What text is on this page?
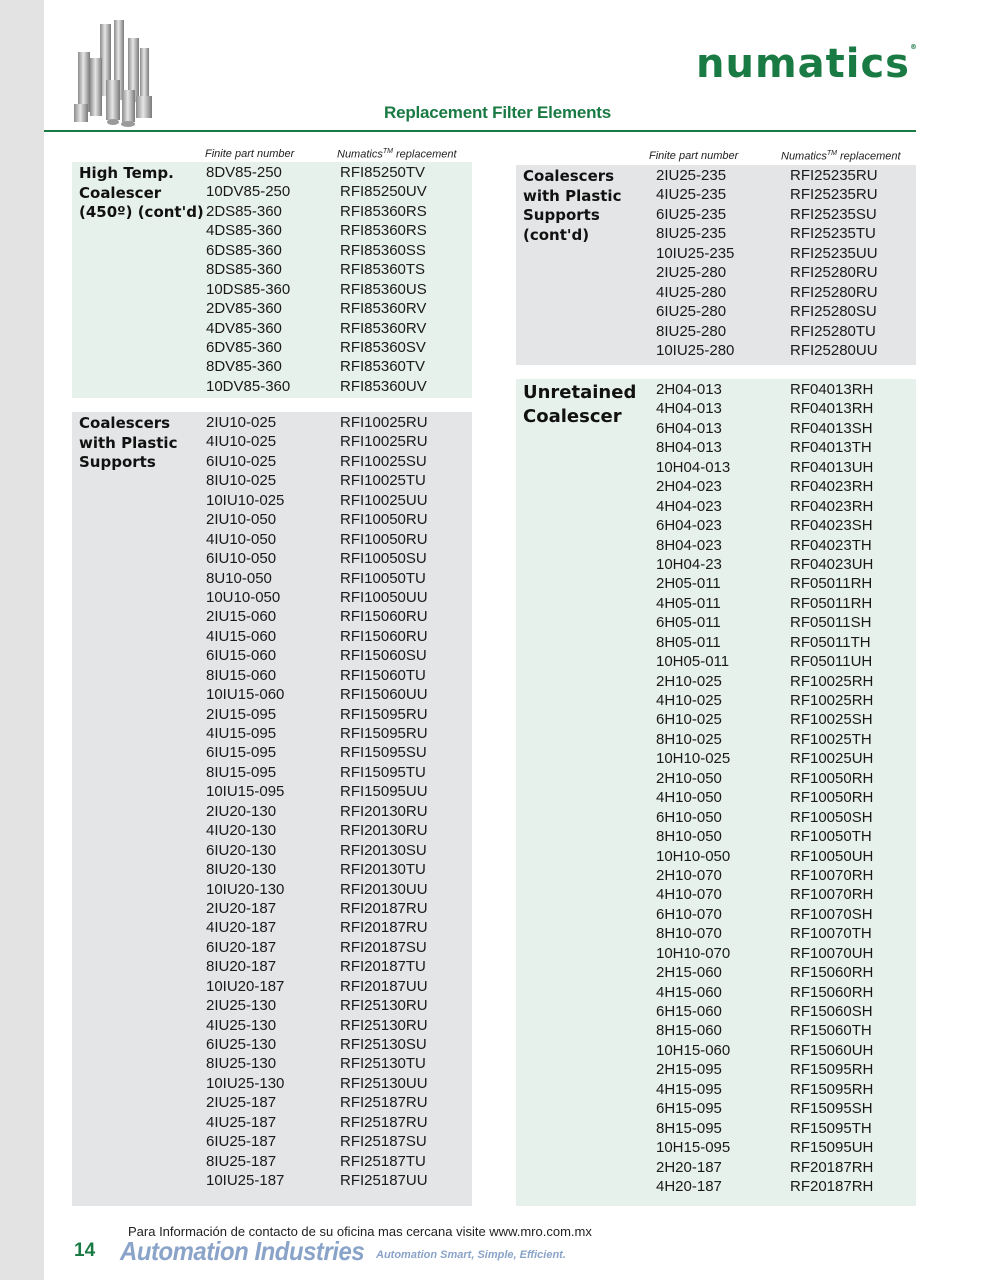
numatics®
Replacement Filter Elements
Finite part number	Numatics™ replacement	Finite part number	Numatics™ replacement
High Temp. Coalescer (450º) (cont'd)
8DV85-250	RFI85250TV
10DV85-250	RFI85250UV
2DS85-360	RFI85360RS
4DS85-360	RFI85360RS
6DS85-360	RFI85360SS
8DS85-360	RFI85360TS
10DS85-360	RFI85360US
2DV85-360	RFI85360RV
4DV85-360	RFI85360RV
6DV85-360	RFI85360SV
8DV85-360	RFI85360TV
10DV85-360	RFI85360UV
Coalescers with Plastic Supports
2IU10-025	RFI10025RU
4IU10-025	RFI10025RU
6IU10-025	RFI10025SU
8IU10-025	RFI10025TU
10IU10-025	RFI10025UU
2IU10-050	RFI10050RU
4IU10-050	RFI10050RU
6IU10-050	RFI10050SU
8U10-050	RFI10050TU
10U10-050	RFI10050UU
2IU15-060	RFI15060RU
4IU15-060	RFI15060RU
6IU15-060	RFI15060SU
8IU15-060	RFI15060TU
10IU15-060	RFI15060UU
2IU15-095	RFI15095RU
4IU15-095	RFI15095RU
6IU15-095	RFI15095SU
8IU15-095	RFI15095TU
10IU15-095	RFI15095UU
2IU20-130	RFI20130RU
4IU20-130	RFI20130RU
6IU20-130	RFI20130SU
8IU20-130	RFI20130TU
10IU20-130	RFI20130UU
2IU20-187	RFI20187RU
4IU20-187	RFI20187RU
6IU20-187	RFI20187SU
8IU20-187	RFI20187TU
10IU20-187	RFI20187UU
2IU25-130	RFI25130RU
4IU25-130	RFI25130RU
6IU25-130	RFI25130SU
8IU25-130	RFI25130TU
10IU25-130	RFI25130UU
2IU25-187	RFI25187RU
4IU25-187	RFI25187RU
6IU25-187	RFI25187SU
8IU25-187	RFI25187TU
10IU25-187	RFI25187UU
Coalescers with Plastic Supports (cont'd)
2IU25-235	RFI25235RU
4IU25-235	RFI25235RU
6IU25-235	RFI25235SU
8IU25-235	RFI25235TU
10IU25-235	RFI25235UU
2IU25-280	RFI25280RU
4IU25-280	RFI25280RU
6IU25-280	RFI25280SU
8IU25-280	RFI25280TU
10IU25-280	RFI25280UU
Unretained Coalescer
2H04-013	RF04013RH
4H04-013	RF04013RH
6H04-013	RF04013SH
8H04-013	RF04013TH
10H04-013	RF04013UH
2H04-023	RF04023RH
4H04-023	RF04023RH
6H04-023	RF04023SH
8H04-023	RF04023TH
10H04-23	RF04023UH
2H05-011	RF05011RH
4H05-011	RF05011RH
6H05-011	RF05011SH
8H05-011	RF05011TH
10H05-011	RF05011UH
2H10-025	RF10025RH
4H10-025	RF10025RH
6H10-025	RF10025SH
8H10-025	RF10025TH
10H10-025	RF10025UH
2H10-050	RF10050RH
4H10-050	RF10050RH
6H10-050	RF10050SH
8H10-050	RF10050TH
10H10-050	RF10050UH
2H10-070	RF10070RH
4H10-070	RF10070RH
6H10-070	RF10070SH
8H10-070	RF10070TH
10H10-070	RF10070UH
2H15-060	RF15060RH
4H15-060	RF15060RH
6H15-060	RF15060SH
8H15-060	RF15060TH
10H15-060	RF15060UH
2H15-095	RF15095RH
4H15-095	RF15095RH
6H15-095	RF15095SH
8H15-095	RF15095TH
10H15-095	RF15095UH
2H20-187	RF20187RH
4H20-187	RF20187RH
Para Información de contacto de su oficina mas cercana visite www.mro.com.mx
14 Automation Industries Automation Smart, Simple, Efficient.
